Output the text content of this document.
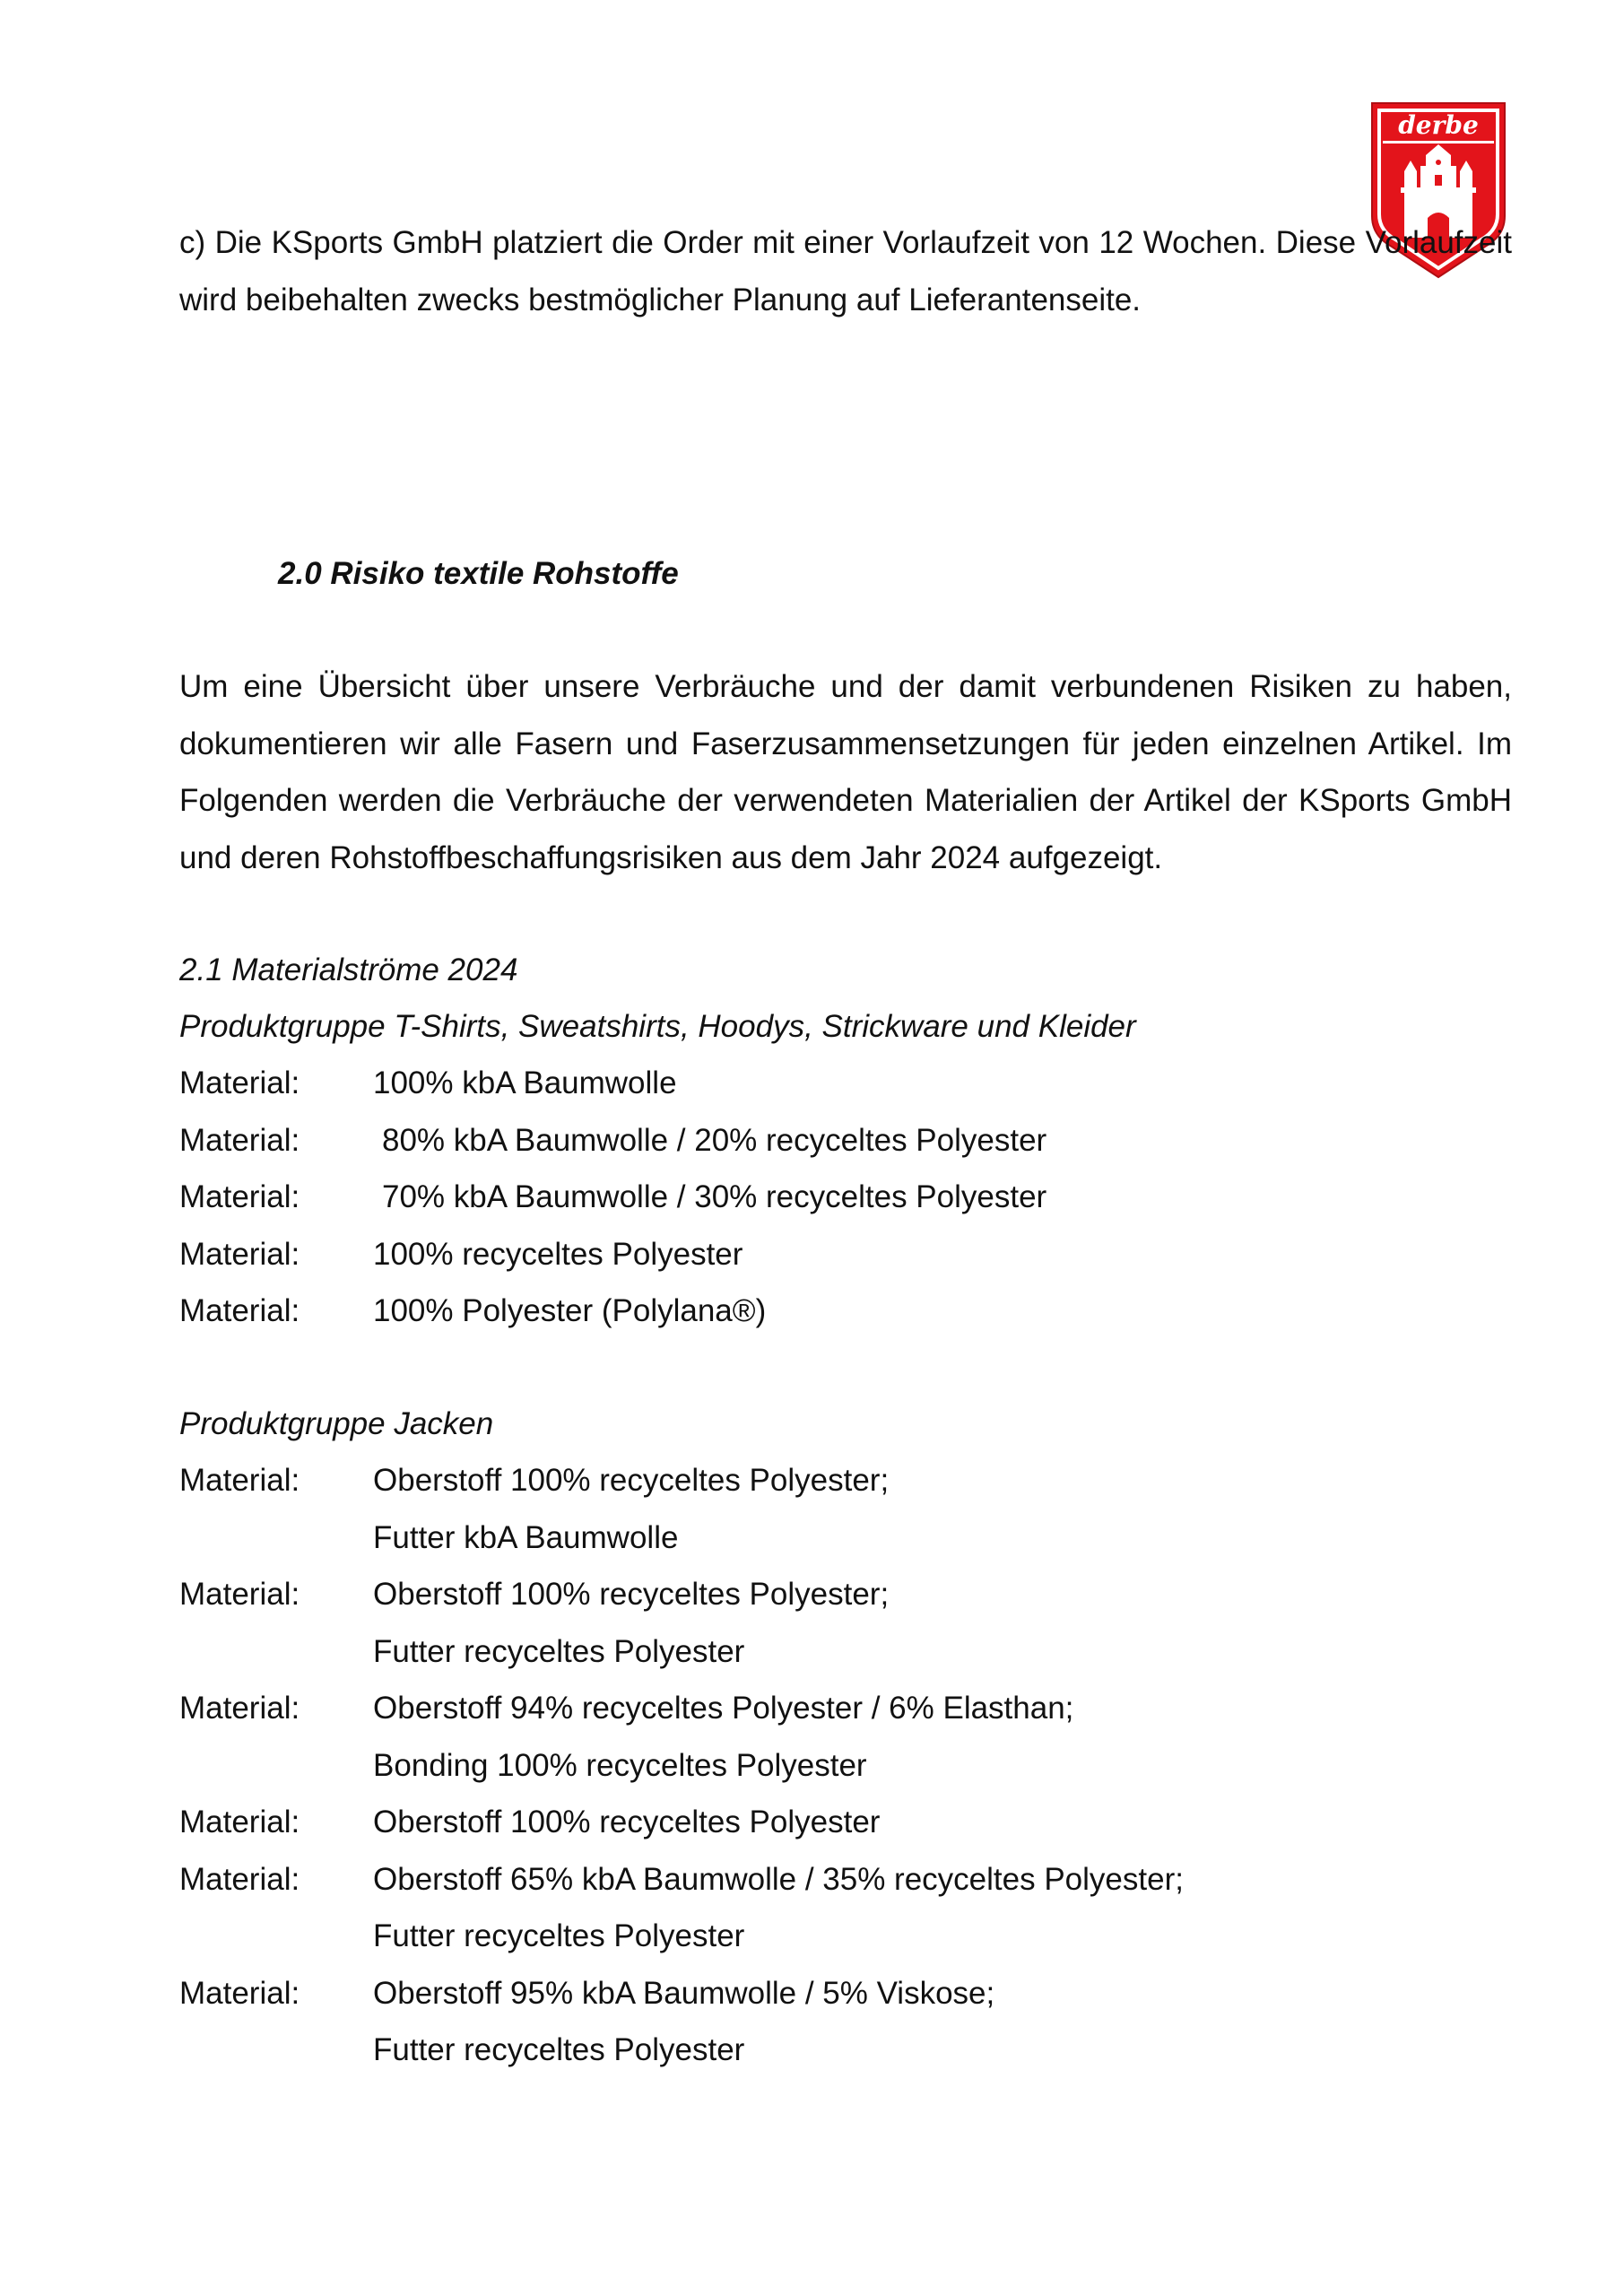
derbe

c) Die KSports GmbH platziert die Order mit einer Vorlaufzeit von 12 Wochen. Diese Vorlaufzeit wird beibehalten zwecks bestmöglicher Planung auf Lieferantenseite.

2.0 Risiko textile Rohstoffe

Um eine Übersicht über unsere Verbräuche und der damit verbundenen Risiken zu haben, dokumentieren wir alle Fasern und Faserzusammensetzungen für jeden einzelnen Artikel. Im Folgenden werden die Verbräuche der verwendeten Materialien der Artikel der KSports GmbH und deren Rohstoffbeschaffungsrisiken aus dem Jahr 2024 aufgezeigt.

2.1 Materialströme 2024

Produktgruppe T-Shirts, Sweatshirts, Hoodys, Strickware und Kleider

Material:	100% kbA Baumwolle
Material:	80% kbA Baumwolle / 20% recyceltes Polyester
Material:	70% kbA Baumwolle / 30% recyceltes Polyester
Material:	100% recyceltes Polyester
Material:	100% Polyester (Polylana®)

Produktgruppe Jacken

Material:	Oberstoff 100% recyceltes Polyester;
Futter kbA Baumwolle
Material:	Oberstoff 100% recyceltes Polyester;
Futter recyceltes Polyester
Material:	Oberstoff 94% recyceltes Polyester / 6% Elasthan;
Bonding 100% recyceltes Polyester
Material:	Oberstoff 100% recyceltes Polyester
Material:	Oberstoff 65% kbA Baumwolle / 35% recyceltes Polyester;
Futter recyceltes Polyester
Material:	Oberstoff 95% kbA Baumwolle / 5% Viskose;
Futter recyceltes Polyester
